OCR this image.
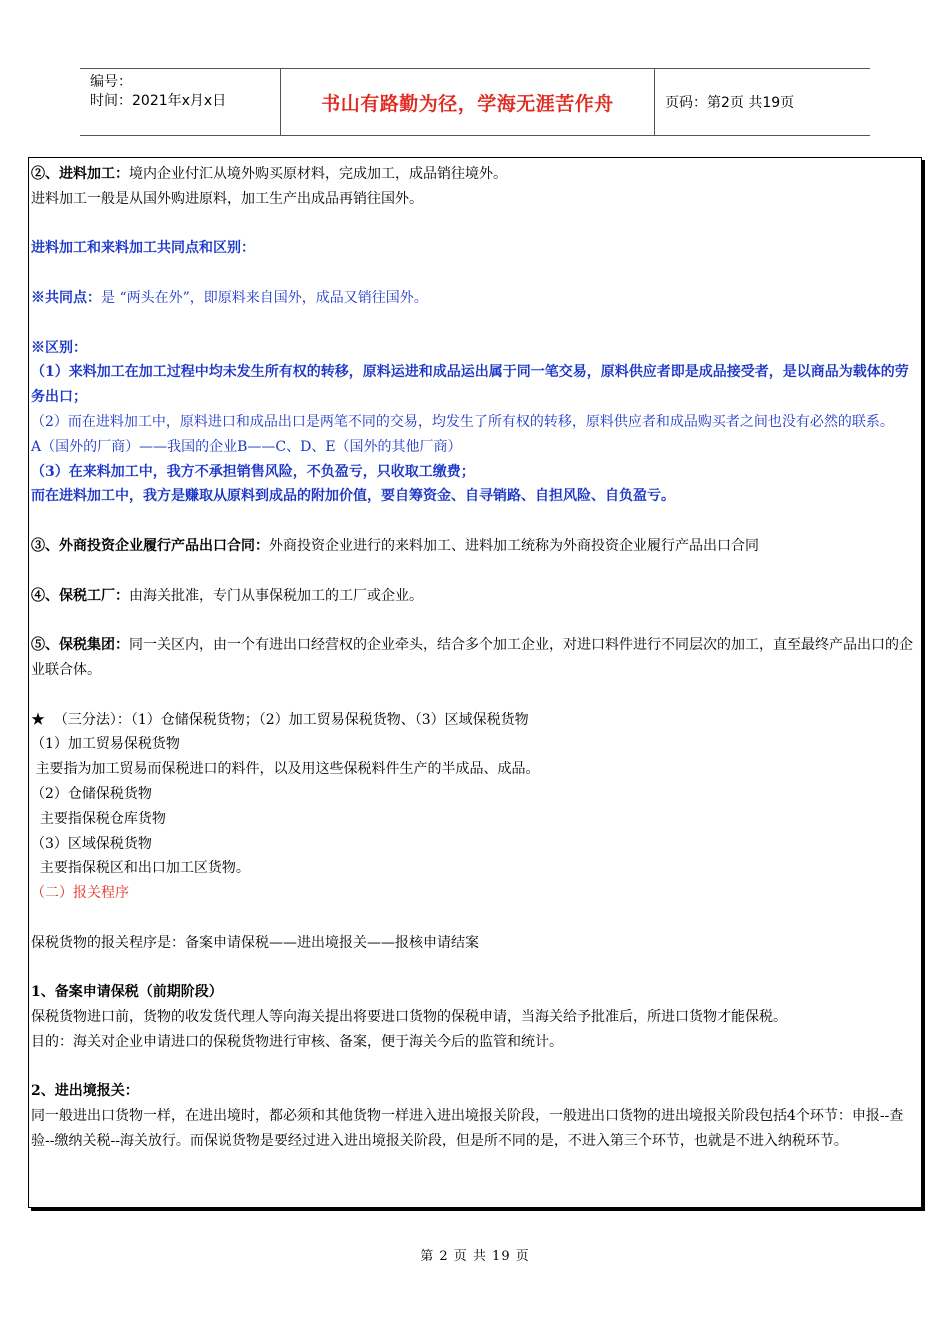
编号：
时间：2021年x月x日	书山有路勤为径，学海无涯苦作舟	页码：第2页 共19页
②、进料加工：境内企业付汇从境外购买原材料，完成加工，成品销往境外。
进料加工一般是从国外购进原料，加工生产出成品再销往国外。
进料加工和来料加工共同点和区别：
※共同点：是 “两头在外”，即原料来自国外，成品又销往国外。
※区别：
（1）来料加工在加工过程中均未发生所有权的转移，原料运进和成品运出属于同一笔交易，原料供应者即是成品接受者，是以商品为载体的劳务出口；
（2）而在进料加工中，原料进口和成品出口是两笔不同的交易，均发生了所有权的转移，原料供应者和成品购买者之间也没有必然的联系。
A（国外的厂商）——我国的企业B——C、D、E（国外的其他厂商）
（3）在来料加工中，我方不承担销售风险，不负盈亏，只收取工缴费；
而在进料加工中，我方是赚取从原料到成品的附加价值，要自筹资金、自寻销路、自担风险、自负盈亏。
③、外商投资企业履行产品出口合同：外商投资企业进行的来料加工、进料加工统称为外商投资企业履行产品出口合同
④、保税工厂：由海关批准，专门从事保税加工的工厂或企业。
⑤、保税集团：同一关区内，由一个有进出口经营权的企业牵头，结合多个加工企业，对进口料件进行不同层次的加工，直至最终产品出口的企业联合体。
★  （三分法）：（1）仓储保税货物；（2）加工贸易保税货物、（3）区域保税货物
（1）加工贸易保税货物
主要指为加工贸易而保税进口的料件，以及用这些保税料件生产的半成品、成品。
（2）仓储保税货物
主要指保税仓库货物
（3）区域保税货物
主要指保税区和出口加工区货物。
（二）报关程序
保税货物的报关程序是：备案申请保税——进出境报关——报核申请结案
1、备案申请保税（前期阶段）
保税货物进口前，货物的收发货代理人等向海关提出将要进口货物的保税申请，当海关给予批准后，所进口货物才能保税。
目的：海关对企业申请进口的保税货物进行审核、备案，便于海关今后的监管和统计。
2、进出境报关：
同一般进出口货物一样，在进出境时，都必须和其他货物一样进入进出境报关阶段，一般进出口货物的进出境报关阶段包括4个环节：申报--查验--缴纳关税--海关放行。而保说货物是要经过进入进出境报关阶段，但是所不同的是，不进入第三个环节，也就是不进入纳税环节。
第 2 页 共 19 页
